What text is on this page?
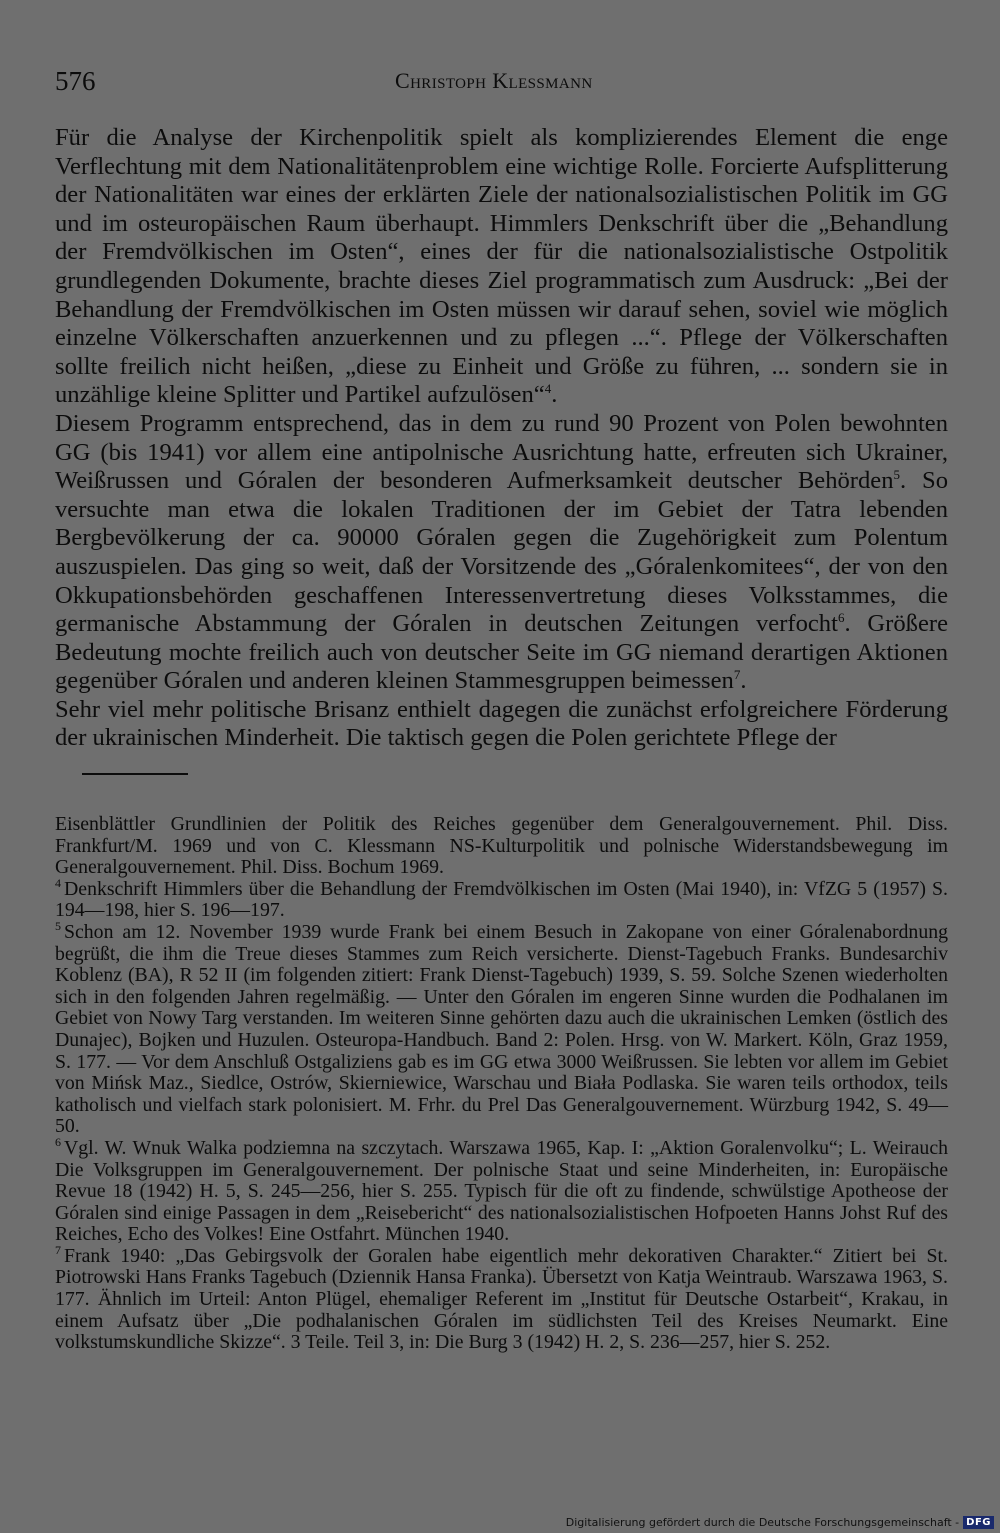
576	Christoph Klessmann

Für die Analyse der Kirchenpolitik spielt als komplizierendes Element die enge Verflechtung mit dem Nationalitätenproblem eine wichtige Rolle. Forcierte Aufsplitterung der Nationalitäten war eines der erklärten Ziele der nationalsozialistischen Politik im GG und im osteuropäischen Raum überhaupt. Himmlers Denkschrift über die „Behandlung der Fremdvölkischen im Osten“, eines der für die nationalsozialistische Ostpolitik grundlegenden Dokumente, brachte dieses Ziel programmatisch zum Ausdruck: „Bei der Behandlung der Fremdvölkischen im Osten müssen wir darauf sehen, soviel wie möglich einzelne Völkerschaften anzuerkennen und zu pflegen ...“. Pflege der Völkerschaften sollte freilich nicht heißen, „diese zu Einheit und Größe zu führen, ... sondern sie in unzählige kleine Splitter und Partikel aufzulösen“$^4$.

Diesem Programm entsprechend, das in dem zu rund 90 Prozent von Polen bewohnten GG (bis 1941) vor allem eine antipolnische Ausrichtung hatte, erfreuten sich Ukrainer, Weißrussen und Góralen der besonderen Aufmerksamkeit deutscher Behörden$^5$. So versuchte man etwa die lokalen Traditionen der im Gebiet der Tatra lebenden Bergbevölkerung der ca. 90000 Góralen gegen die Zugehörigkeit zum Polentum auszuspielen. Das ging so weit, daß der Vorsitzende des „Góralenkomitees“, der von den Okkupationsbehörden geschaffenen Interessenvertretung dieses Volksstammes, die germanische Abstammung der Góralen in deutschen Zeitungen verfocht$^6$. Größere Bedeutung mochte freilich auch von deutscher Seite im GG niemand derartigen Aktionen gegenüber Góralen und anderen kleinen Stammesgruppen beimessen$^7$.

Sehr viel mehr politische Brisanz enthielt dagegen die zunächst erfolgreichere Förderung der ukrainischen Minderheit. Die taktisch gegen die Polen gerichtete Pflege der

Eisenblättler Grundlinien der Politik des Reiches gegenüber dem Generalgouvernement. Phil. Diss. Frankfurt/M. 1969 und von C. Klessmann NS-Kulturpolitik und polnische Widerstandsbewegung im Generalgouvernement. Phil. Diss. Bochum 1969.

$^4$ Denkschrift Himmlers über die Behandlung der Fremdvölkischen im Osten (Mai 1940), in: VfZG 5 (1957) S. 194—198, hier S. 196—197.

$^5$ Schon am 12. November 1939 wurde Frank bei einem Besuch in Zakopane von einer Góralenabordnung begrüßt, die ihm die Treue dieses Stammes zum Reich versicherte. Dienst-Tagebuch Franks. Bundesarchiv Koblenz (BA), R 52 II (im folgenden zitiert: Frank Dienst-Tagebuch) 1939, S. 59. Solche Szenen wiederholten sich in den folgenden Jahren regelmäßig. — Unter den Góralen im engeren Sinne wurden die Podhalanen im Gebiet von Nowy Targ verstanden. Im weiteren Sinne gehörten dazu auch die ukrainischen Lemken (östlich des Dunajec), Bojken und Huzulen. Osteuropa-Handbuch. Band 2: Polen. Hrsg. von W. Markert. Köln, Graz 1959, S. 177. — Vor dem Anschluß Ostgaliziens gab es im GG etwa 3000 Weißrussen. Sie lebten vor allem im Gebiet von Mińsk Maz., Siedlce, Ostrów, Skierniewice, Warschau und Biała Podlaska. Sie waren teils orthodox, teils katholisch und vielfach stark polonisiert. M. Frhr. du Prel Das Generalgouvernement. Würzburg 1942, S. 49—50.

$^6$ Vgl. W. Wnuk Walka podziemna na szczytach. Warszawa 1965, Kap. I: „Aktion Goralenvolku“; L. Weirauch Die Volksgruppen im Generalgouvernement. Der polnische Staat und seine Minderheiten, in: Europäische Revue 18 (1942) H. 5, S. 245—256, hier S. 255. Typisch für die oft zu findende, schwülstige Apotheose der Góralen sind einige Passagen in dem „Reisebericht“ des nationalsozialistischen Hofpoeten Hanns Johst Ruf des Reiches, Echo des Volkes! Eine Ostfahrt. München 1940.

$^7$ Frank 1940: „Das Gebirgsvolk der Goralen habe eigentlich mehr dekorativen Charakter.“ Zitiert bei St. Piotrowski Hans Franks Tagebuch (Dziennik Hansa Franka). Übersetzt von Katja Weintraub. Warszawa 1963, S. 177. Ähnlich im Urteil: Anton Plügel, ehemaliger Referent im „Institut für Deutsche Ostarbeit“, Krakau, in einem Aufsatz über „Die podhalanischen Góralen im südlichsten Teil des Kreises Neumarkt. Eine volkstumskundliche Skizze“. 3 Teile. Teil 3, in: Die Burg 3 (1942) H. 2, S. 236—257, hier S. 252.

Digitalisierung gefördert durch die Deutsche Forschungsgemeinschaft - DFG
